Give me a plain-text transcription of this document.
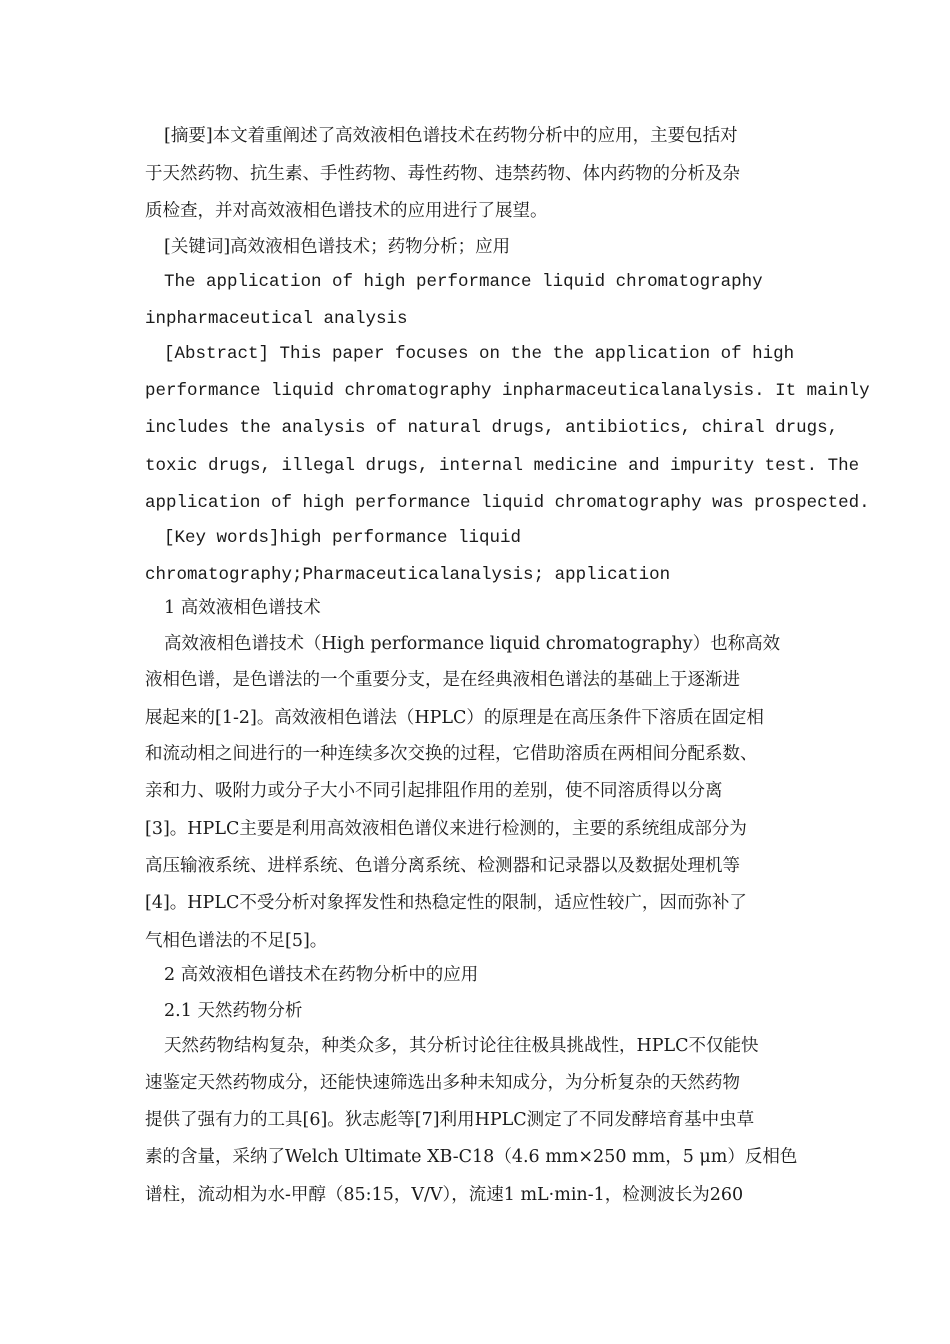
[摘要]本文着重阐述了高效液相色谱技术在药物分析中的应用，主要包括对
于天然药物、抗生素、手性药物、毒性药物、违禁药物、体内药物的分析及杂
质检查，并对高效液相色谱技术的应用进行了展望。
[关键词]高效液相色谱技术；药物分析；应用
The application of high performance liquid chromatography
inpharmaceutical analysis
[Abstract] This paper focuses on the the application of high
performance liquid chromatography inpharmaceuticalanalysis. It mainly
includes the analysis of natural drugs, antibiotics, chiral drugs,
toxic drugs, illegal drugs, internal medicine and impurity test. The
application of high performance liquid chromatography was prospected.
[Key words]high performance liquid
chromatography;Pharmaceuticalanalysis; application
1 高效液相色谱技术
高效液相色谱技术（High performance liquid chromatography）也称高效
液相色谱，是色谱法的一个重要分支，是在经典液相色谱法的基础上于逐渐进
展起来的[1-2]。高效液相色谱法（HPLC）的原理是在高压条件下溶质在固定相
和流动相之间进行的一种连续多次交换的过程，它借助溶质在两相间分配系数、
亲和力、吸附力或分子大小不同引起排阻作用的差别，使不同溶质得以分离
[3]。HPLC主要是利用高效液相色谱仪来进行检测的，主要的系统组成部分为
高压输液系统、进样系统、色谱分离系统、检测器和记录器以及数据处理机等
[4]。HPLC不受分析对象挥发性和热稳定性的限制，适应性较广，因而弥补了
气相色谱法的不足[5]。
2 高效液相色谱技术在药物分析中的应用
2.1 天然药物分析
天然药物结构复杂，种类众多，其分析讨论往往极具挑战性，HPLC不仅能快
速鉴定天然药物成分，还能快速筛选出多种未知成分，为分析复杂的天然药物
提供了强有力的工具[6]。狄志彪等[7]利用HPLC测定了不同发酵培育基中虫草
素的含量，采纳了Welch Ultimate XB-C18（4.6 mm×250 mm，5 μm）反相色
谱柱，流动相为水-甲醇（85:15，V/V），流速1 mL·min-1，检测波长为260
